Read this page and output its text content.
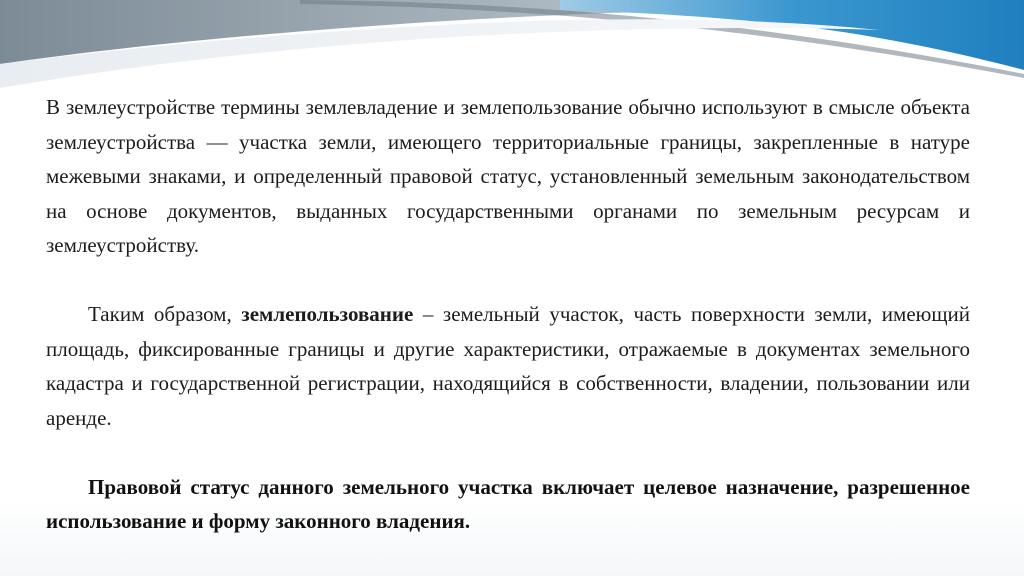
В землеустройстве термины землевладение и землепользование обычно используют в смысле объекта землеустройства — участка земли, имеющего территориальные границы, закрепленные в натуре межевыми знаками, и определенный правовой статус, установленный земельным законодательством на основе документов, выданных государственными органами по земельным ресурсам и землеустройству.

Таким образом, землепользование – земельный участок, часть поверхности земли, имеющий площадь, фиксированные границы и другие характеристики, отражаемые в документах земельного кадастра и государственной регистрации, находящийся в собственности, владении, пользовании или аренде.

Правовой статус данного земельного участка включает целевое назначение, разрешенное использование и форму законного владения.
